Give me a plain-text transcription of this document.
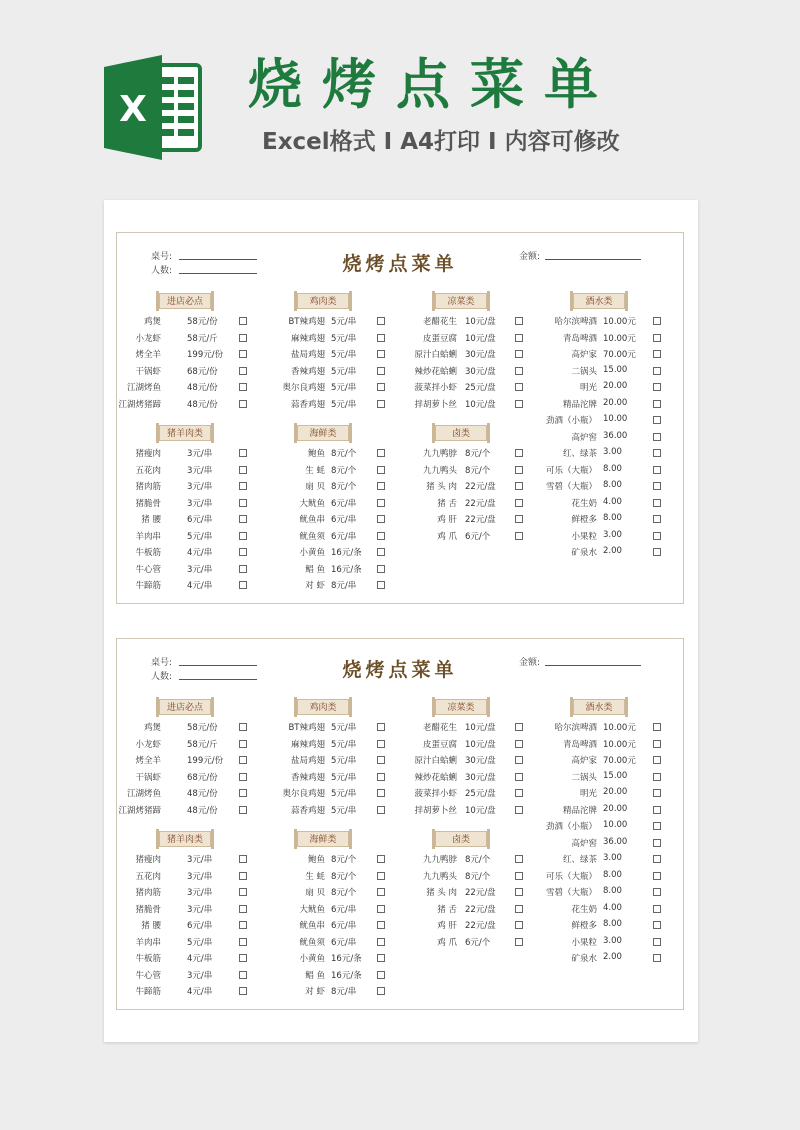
X 烧烤点菜单

Excel格式 I A4打印 I 内容可修改

烧烤点菜单
桌号:
人数:
金额:
进店必点
鸡煲	58元/份
小龙虾	58元/斤
烤全羊	199元/份
干锅虾	68元/份
江湖烤鱼	48元/份
江湖烤猪蹄	48元/份
鸡肉类
BT辣鸡翅 5元/串
麻辣鸡翅 5元/串
盐局鸡翅 5元/串
香辣鸡翅 5元/串
奥尔良鸡翅 5元/串
蒜香鸡翅 5元/串
凉菜类
老醋花生 10元/盘
皮蛋豆腐 10元/盘
原汁白蛤蜊 30元/盘
辣炒花蛤蜊 30元/盘
菠菜拌小虾 25元/盘
拌胡萝卜丝 10元/盘
酒水类
哈尔滨啤酒 10.00元
青岛啤酒 10.00元
高炉家 70.00元
二锅头 15.00
明光 20.00
精品沱牌 20.00
劲酒（小瓶） 10.00
高炉窖 36.00
红、绿茶 3.00
可乐（大瓶） 8.00
雪碧（大瓶） 8.00
花生奶 4.00
鲜橙多 8.00
小果粒 3.00
矿泉水 2.00
猪羊肉类
猪瘦肉	3元/串
五花肉	3元/串
猪肉筋	3元/串
猪脆骨	3元/串
猪 腰	6元/串
羊肉串	5元/串
牛板筋	4元/串
牛心管	3元/串
牛蹄筋	4元/串
海鲜类
鲍鱼 8元/个
生 蚝 8元/个
扇 贝 8元/个
大鱿鱼 6元/串
鱿鱼串 6元/串
鱿鱼须 6元/串
小黄鱼 16元/条
鲳 鱼 16元/条
对 虾 8元/串
卤类
九九鸭脖 8元/个
九九鸭头 8元/个
猪 头 肉 22元/盘
猪 舌 22元/盘
鸡 肝 22元/盘
鸡 爪 6元/个
烧烤点菜单
桌号:
人数:
金额:
进店必点
鸡煲	58元/份
小龙虾	58元/斤
烤全羊	199元/份
干锅虾	68元/份
江湖烤鱼	48元/份
江湖烤猪蹄	48元/份
鸡肉类
BT辣鸡翅 5元/串
麻辣鸡翅 5元/串
盐局鸡翅 5元/串
香辣鸡翅 5元/串
奥尔良鸡翅 5元/串
蒜香鸡翅 5元/串
凉菜类
老醋花生 10元/盘
皮蛋豆腐 10元/盘
原汁白蛤蜊 30元/盘
辣炒花蛤蜊 30元/盘
菠菜拌小虾 25元/盘
拌胡萝卜丝 10元/盘
酒水类
哈尔滨啤酒 10.00元
青岛啤酒 10.00元
高炉家 70.00元
二锅头 15.00
明光 20.00
精品沱牌 20.00
劲酒（小瓶） 10.00
高炉窖 36.00
红、绿茶 3.00
可乐（大瓶） 8.00
雪碧（大瓶） 8.00
花生奶 4.00
鲜橙多 8.00
小果粒 3.00
矿泉水 2.00
猪羊肉类
猪瘦肉	3元/串
五花肉	3元/串
猪肉筋	3元/串
猪脆骨	3元/串
猪 腰	6元/串
羊肉串	5元/串
牛板筋	4元/串
牛心管	3元/串
牛蹄筋	4元/串
海鲜类
鲍鱼 8元/个
生 蚝 8元/个
扇 贝 8元/个
大鱿鱼 6元/串
鱿鱼串 6元/串
鱿鱼须 6元/串
小黄鱼 16元/条
鲳 鱼 16元/条
对 虾 8元/串
卤类
九九鸭脖 8元/个
九九鸭头 8元/个
猪 头 肉 22元/盘
猪 舌 22元/盘
鸡 肝 22元/盘
鸡 爪 6元/个
